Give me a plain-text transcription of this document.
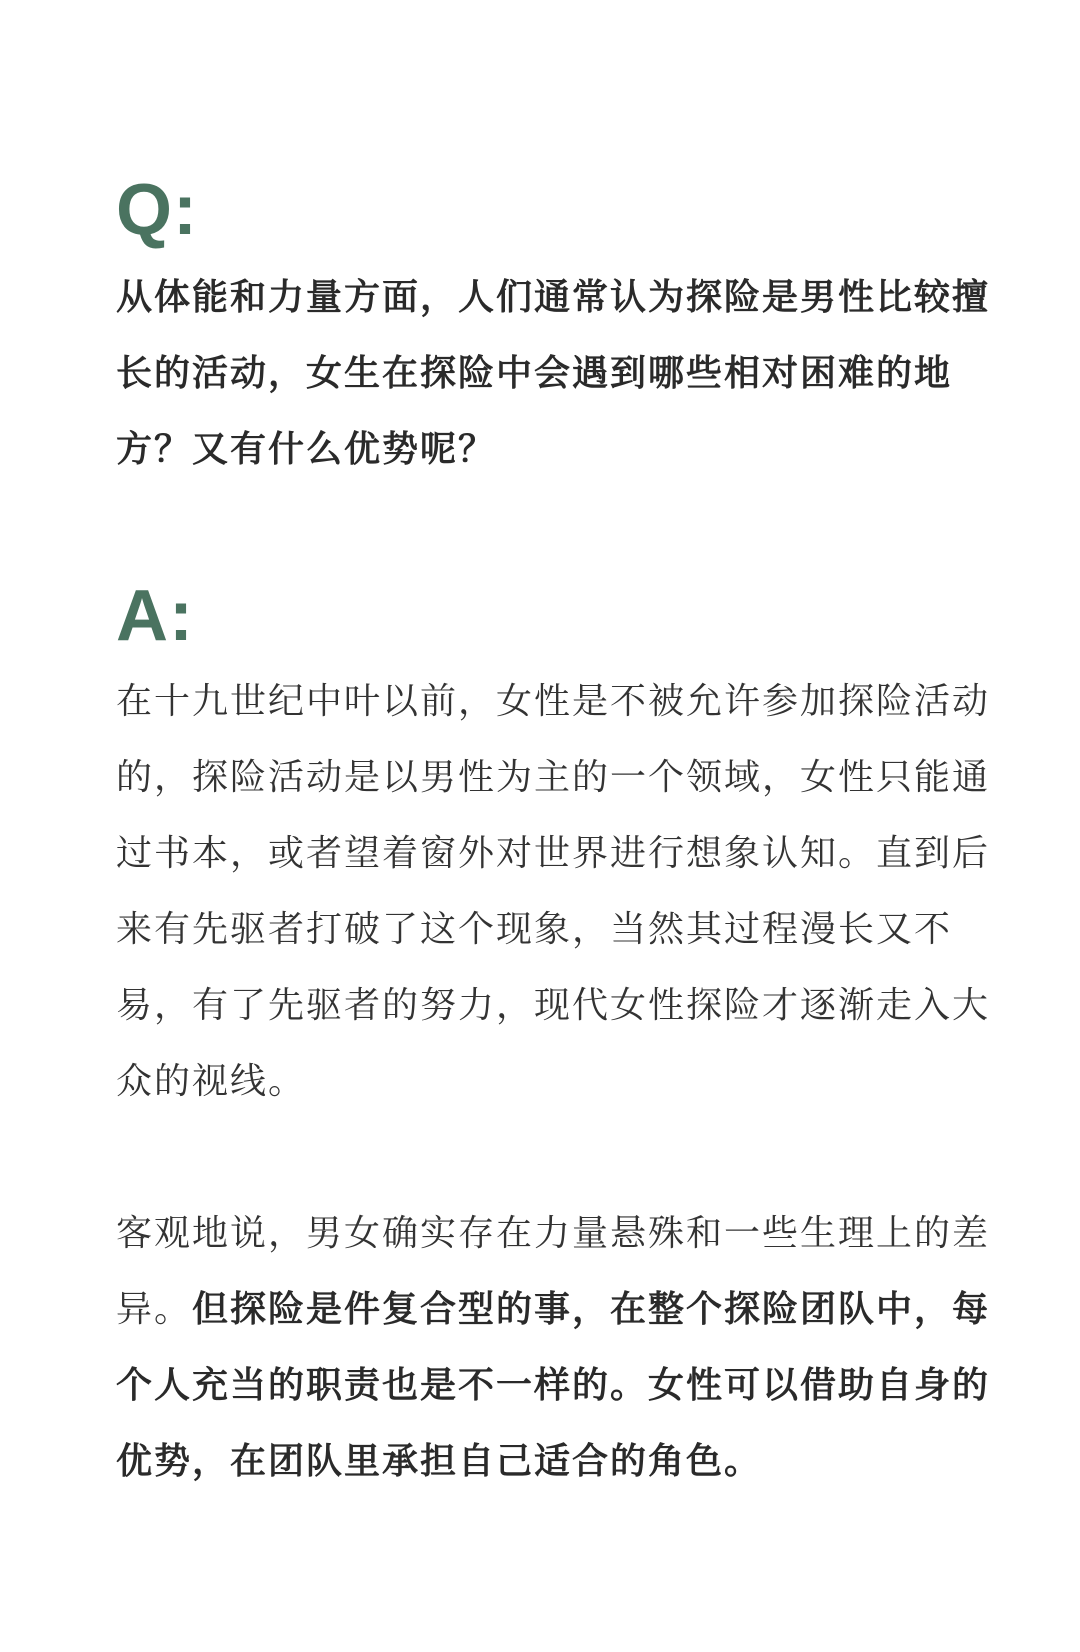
Q:

从体能和力量方面，人们通常认为探险是男性比较擅长的活动，女生在探险中会遇到哪些相对困难的地方？又有什么优势呢？

A:

在十九世纪中叶以前，女性是不被允许参加探险活动的，探险活动是以男性为主的一个领域，女性只能通过书本，或者望着窗外对世界进行想象认知。直到后来有先驱者打破了这个现象，当然其过程漫长又不易，有了先驱者的努力，现代女性探险才逐渐走入大众的视线。

客观地说，男女确实存在力量悬殊和一些生理上的差异。但探险是件复合型的事，在整个探险团队中，每个人充当的职责也是不一样的。女性可以借助自身的优势，在团队里承担自己适合的角色。
